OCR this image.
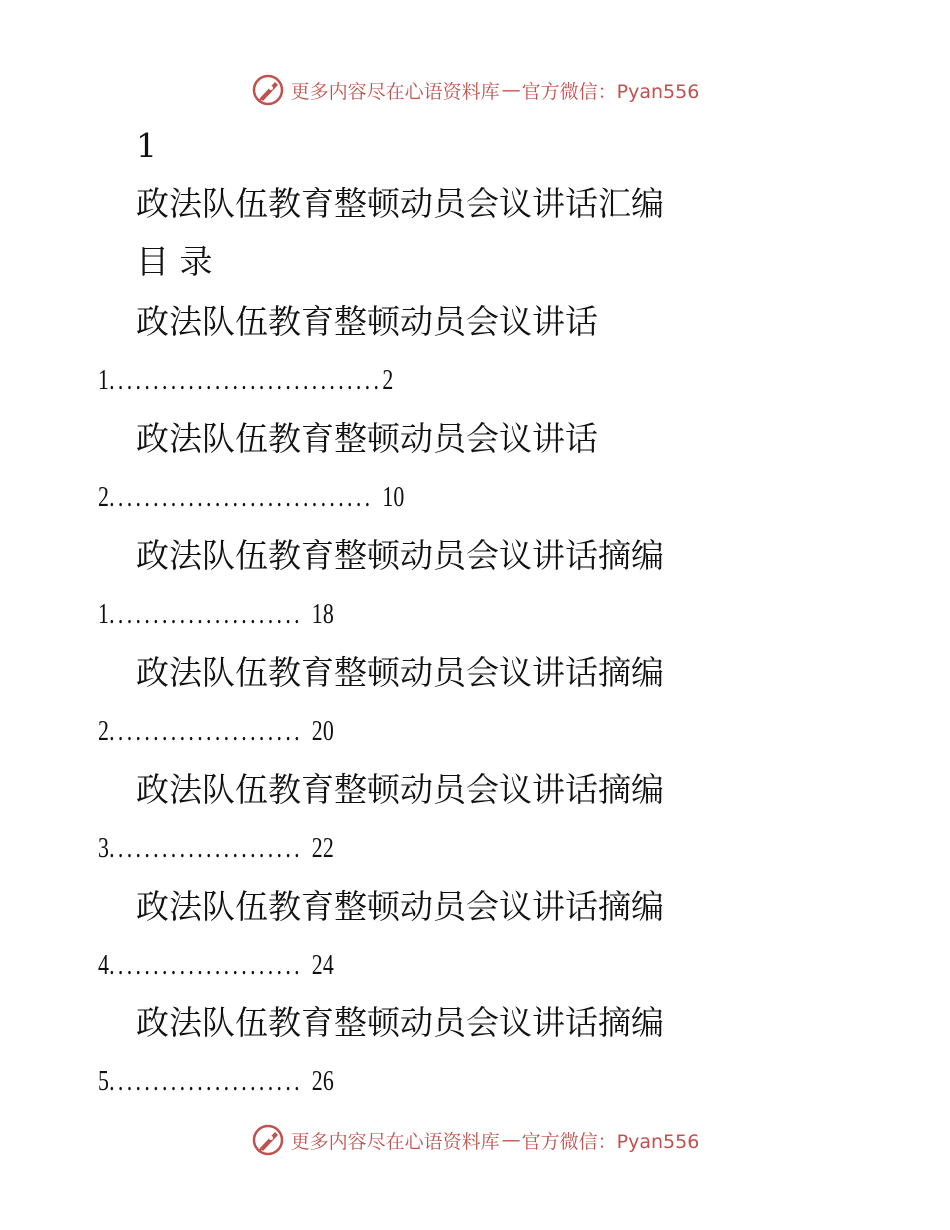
更多内容尽在心语资料库 — 官方微信：Pyan556
1
政法队伍教育整顿动员会议讲话汇编
目 录
政法队伍教育整顿动员会议讲话
1...............................2
政法队伍教育整顿动员会议讲话
2.............................. 10
政法队伍教育整顿动员会议讲话摘编
1...................... 18
政法队伍教育整顿动员会议讲话摘编
2...................... 20
政法队伍教育整顿动员会议讲话摘编
3...................... 22
政法队伍教育整顿动员会议讲话摘编
4...................... 24
政法队伍教育整顿动员会议讲话摘编
5...................... 26
更多内容尽在心语资料库 — 官方微信：Pyan556
